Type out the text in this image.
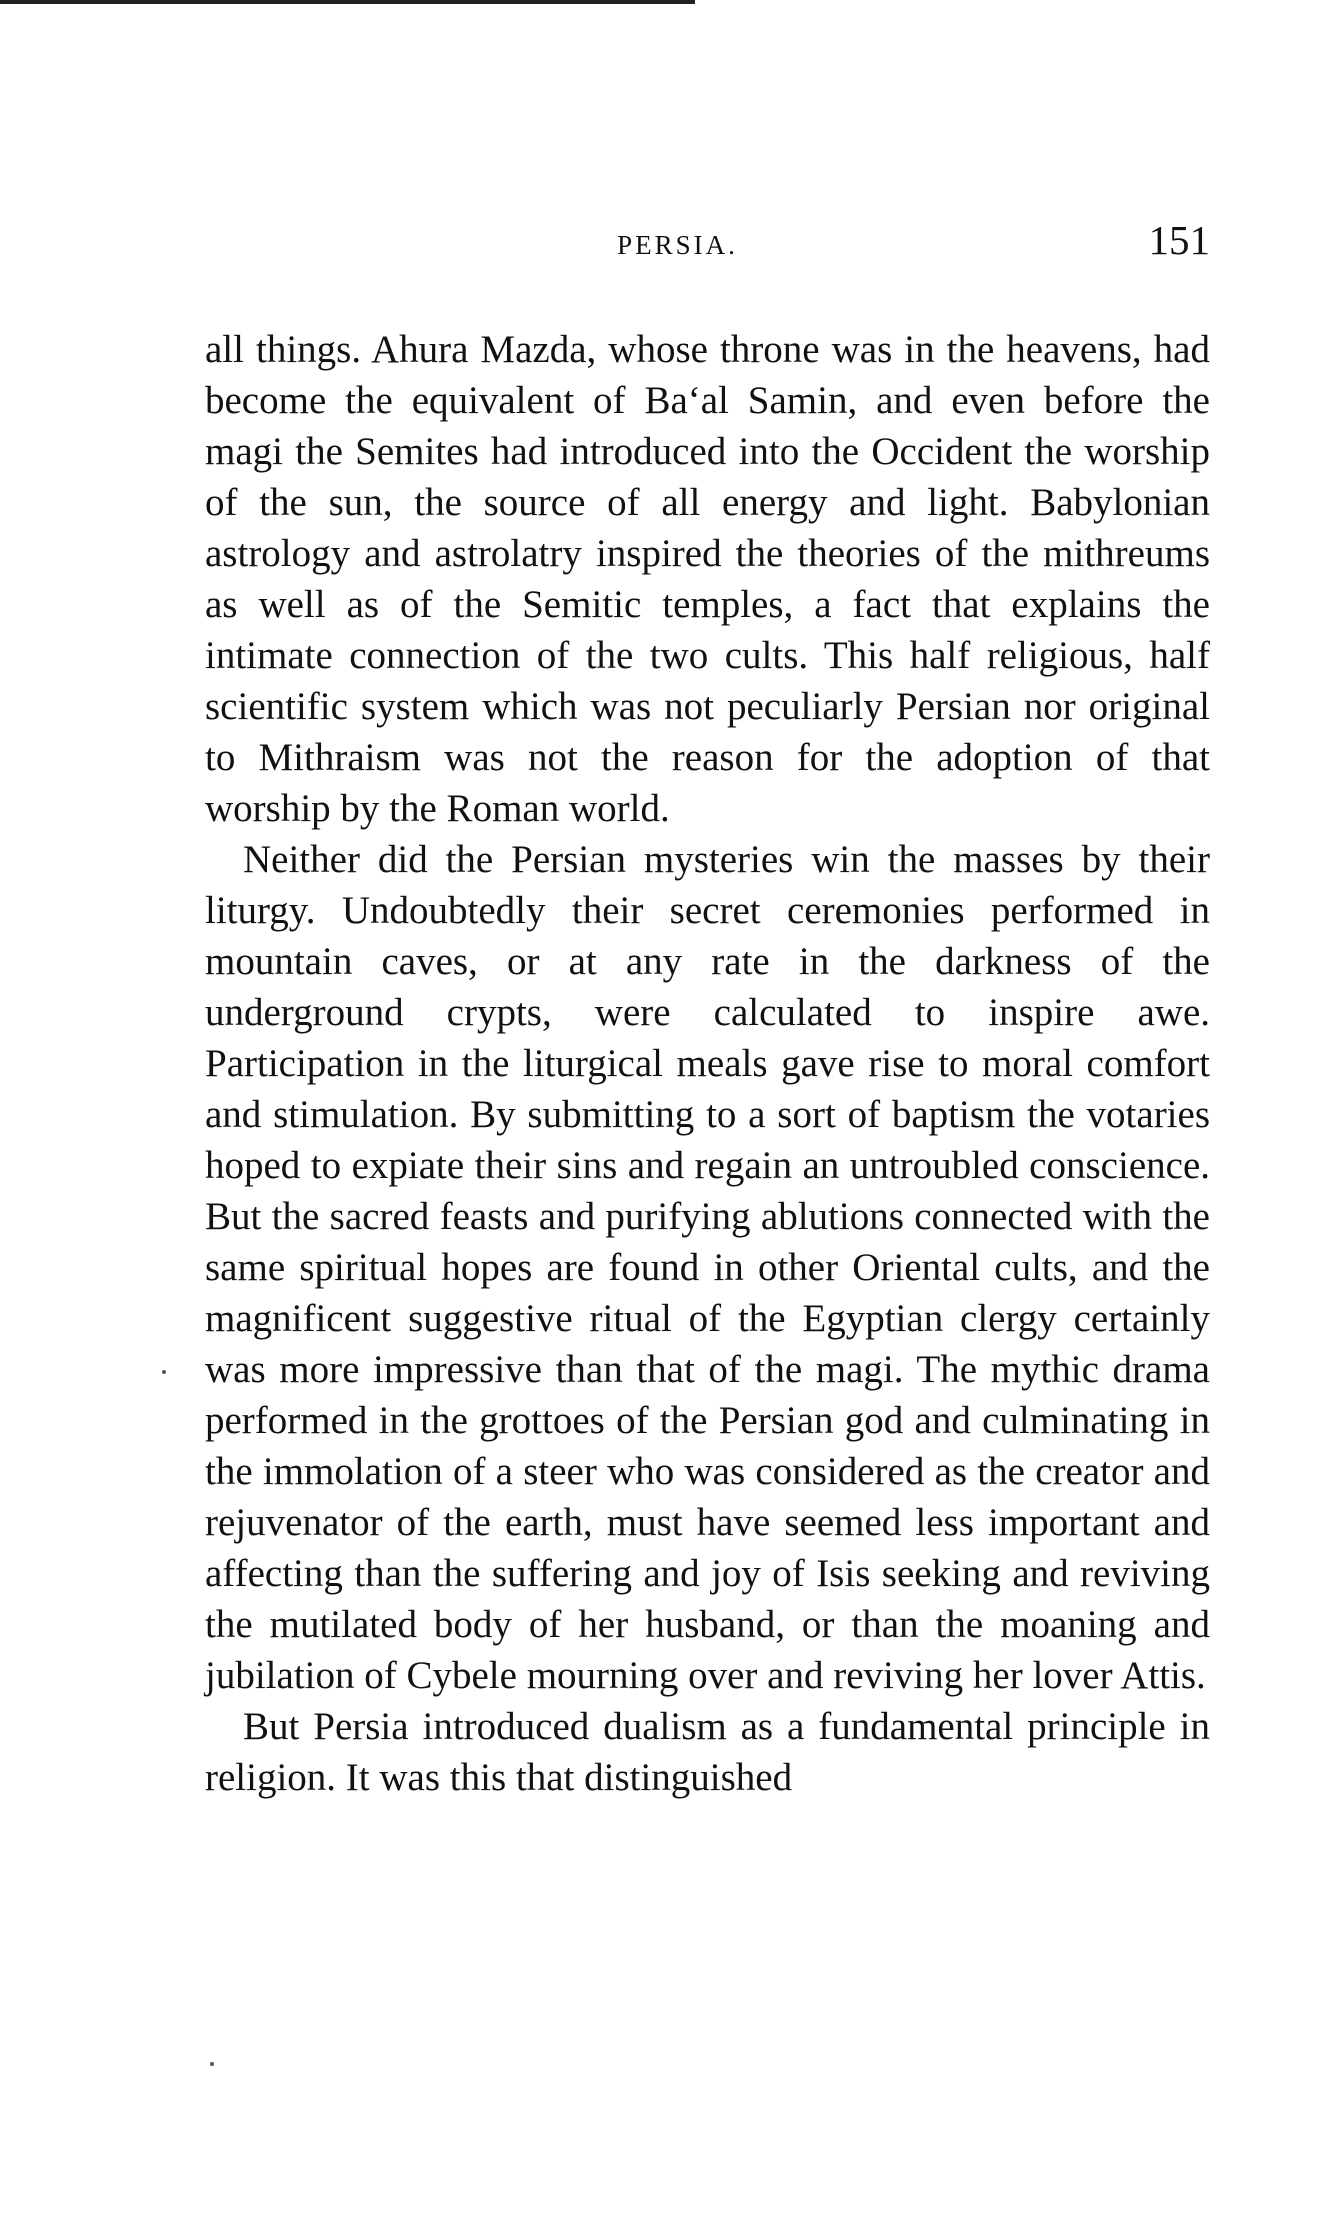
PERSIA.	151

all things. Ahura Mazda, whose throne was in the heavens, had become the equivalent of Ba‘al Samin, and even before the magi the Semites had introduced into the Occident the worship of the sun, the source of all energy and light. Babylonian astrology and astrolatry inspired the theories of the mithreums as well as of the Semitic temples, a fact that explains the intimate connection of the two cults. This half religious, half scientific system which was not peculiarly Persian nor original to Mithraism was not the reason for the adoption of that worship by the Roman world.

Neither did the Persian mysteries win the masses by their liturgy. Undoubtedly their secret ceremonies performed in mountain caves, or at any rate in the darkness of the underground crypts, were calculated to inspire awe. Participation in the liturgical meals gave rise to moral comfort and stimulation. By submitting to a sort of baptism the votaries hoped to expiate their sins and regain an untroubled conscience. But the sacred feasts and purifying ablutions connected with the same spiritual hopes are found in other Oriental cults, and the magnificent suggestive ritual of the Egyptian clergy certainly was more impressive than that of the magi. The mythic drama performed in the grottoes of the Persian god and culminating in the immolation of a steer who was considered as the creator and rejuvenator of the earth, must have seemed less important and affecting than the suffering and joy of Isis seeking and reviving the mutilated body of her husband, or than the moaning and jubilation of Cybele mourning over and reviving her lover Attis.

But Persia introduced dualism as a fundamental principle in religion. It was this that distinguished
